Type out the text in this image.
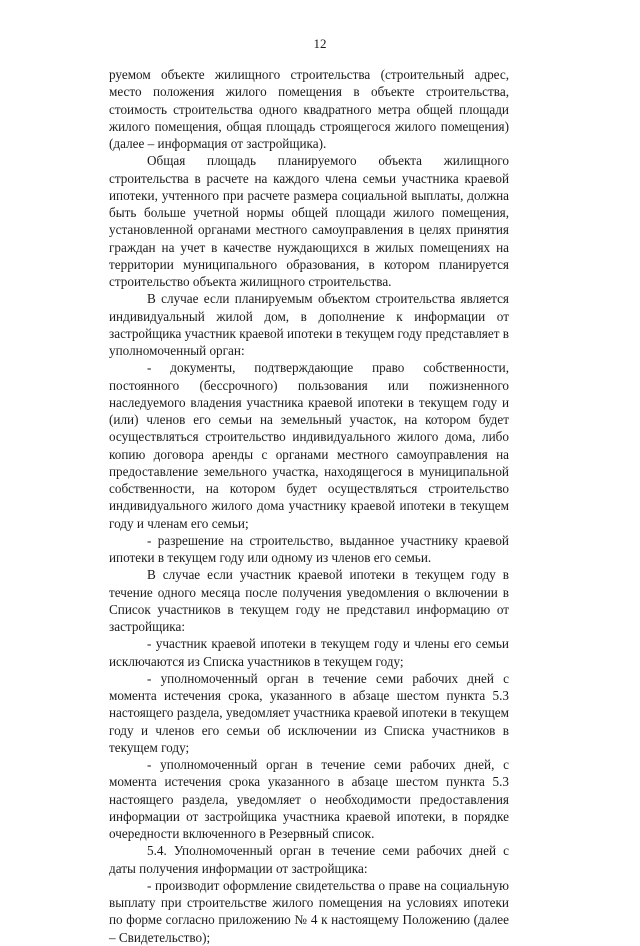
12

руемом объекте жилищного строительства (строительный адрес, место положения жилого помещения в объекте строительства, стоимость строительства одного квадратного метра общей площади жилого помещения, общая площадь строящегося жилого помещения) (далее – информация от застройщика).

Общая площадь планируемого объекта жилищного строительства в расчете на каждого члена семьи участника краевой ипотеки, учтенного при расчете размера социальной выплаты, должна быть больше учетной нормы общей площади жилого помещения, установленной органами местного самоуправления в целях принятия граждан на учет в качестве нуждающихся в жилых помещениях на территории муниципального образования, в котором планируется строительство объекта жилищного строительства.

В случае если планируемым объектом строительства является индивидуальный жилой дом, в дополнение к информации от застройщика участник краевой ипотеки в текущем году представляет в уполномоченный орган:

- документы, подтверждающие право собственности, постоянного (бессрочного) пользования или пожизненного наследуемого владения участника краевой ипотеки в текущем году и (или) членов его семьи на земельный участок, на котором будет осуществляться строительство индивидуального жилого дома, либо копию договора аренды с органами местного самоуправления на предоставление земельного участка, находящегося в муниципальной собственности, на котором будет осуществляться строительство индивидуального жилого дома участнику краевой ипотеки в текущем году и членам его семьи;

- разрешение на строительство, выданное участнику краевой ипотеки в текущем году или одному из членов его семьи.

В случае если участник краевой ипотеки в текущем году в течение одного месяца после получения уведомления о включении в Список участников в текущем году не представил информацию от застройщика:

- участник краевой ипотеки в текущем году и члены его семьи исключаются из Списка участников в текущем году;

- уполномоченный орган в течение семи рабочих дней с момента истечения срока, указанного в абзаце шестом пункта 5.3 настоящего раздела, уведомляет участника краевой ипотеки в текущем году и членов его семьи об исключении из Списка участников в текущем году;

- уполномоченный орган в течение семи рабочих дней, с момента истечения срока указанного в абзаце шестом пункта 5.3 настоящего раздела, уведомляет о необходимости предоставления информации от застройщика участника краевой ипотеки, в порядке очередности включенного в Резервный список.

5.4. Уполномоченный орган в течение семи рабочих дней с даты получения информации от застройщика:

- производит оформление свидетельства о праве на социальную выплату при строительстве жилого помещения на условиях ипотеки по форме согласно приложению № 4 к настоящему Положению (далее – Свидетельство);
